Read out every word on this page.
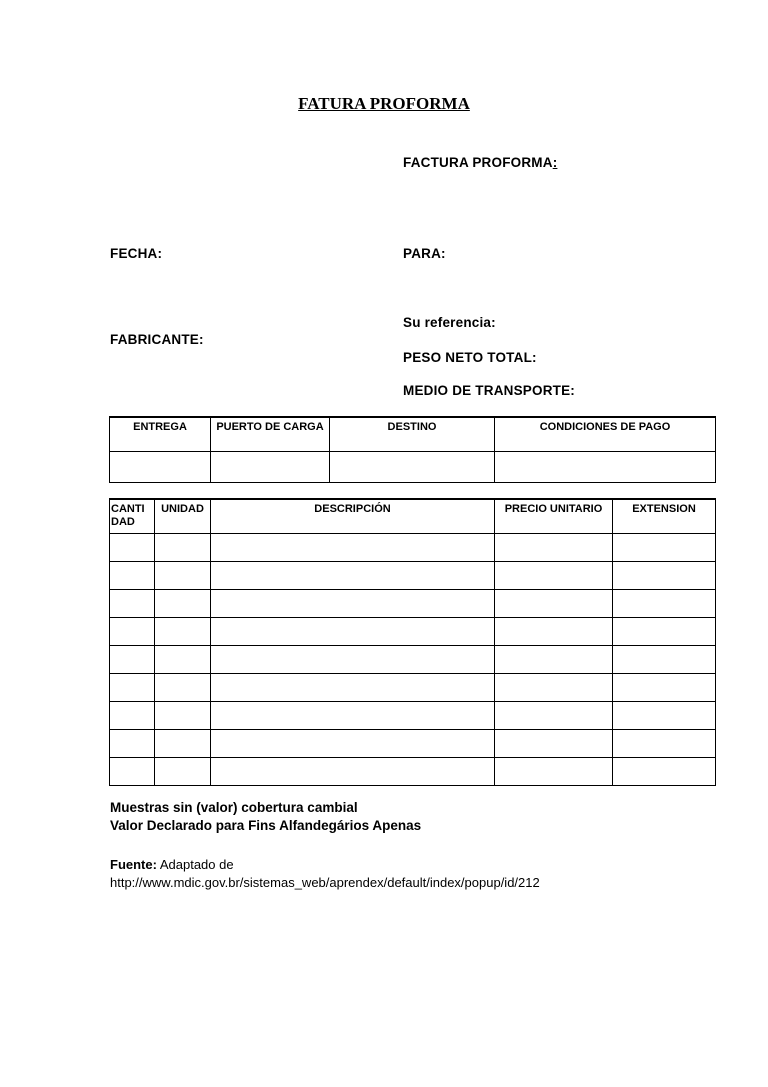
FATURA PROFORMA
FACTURA PROFORMA:
FECHA:	PARA:
Su referencia:
FABRICANTE:
PESO NETO TOTAL:
MEDIO DE TRANSPORTE:
ENTREGA	PUERTO DE CARGA	DESTINO	CONDICIONES DE PAGO

CANTI DAD	UNIDAD	DESCRIPCIÓN	PRECIO UNITARIO	EXTENSION

Muestras sin (valor) cobertura cambial
Valor Declarado para Fins Alfandegários Apenas
Fuente: Adaptado de
http://www.mdic.gov.br/sistemas_web/aprendex/default/index/popup/id/212
